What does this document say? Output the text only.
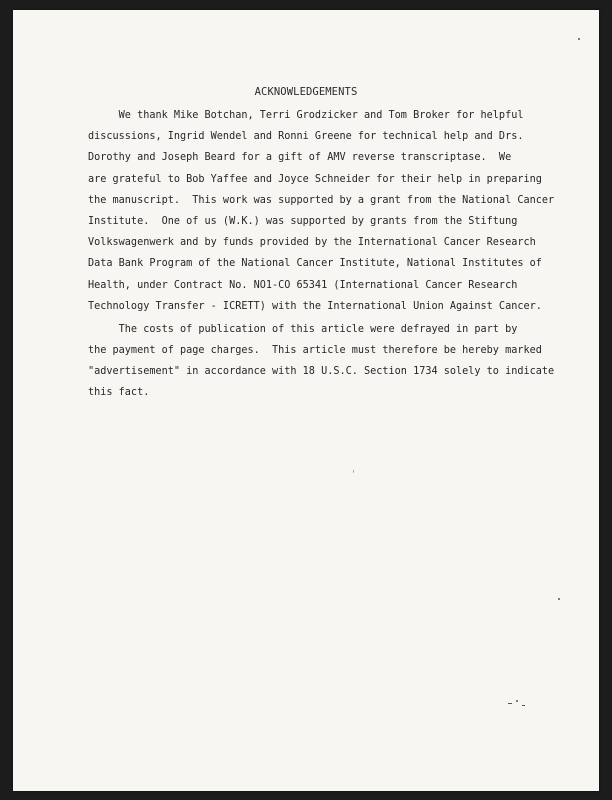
ACKNOWLEDGEMENTS
We thank Mike Botchan, Terri Grodzicker and Tom Broker for helpful
discussions, Ingrid Wendel and Ronni Greene for technical help and Drs.
Dorothy and Joseph Beard for a gift of AMV reverse transcriptase.  We
are grateful to Bob Yaffee and Joyce Schneider for their help in preparing
the manuscript.  This work was supported by a grant from the National Cancer
Institute.  One of us (W.K.) was supported by grants from the Stiftung
Volkswagenwerk and by funds provided by the International Cancer Research
Data Bank Program of the National Cancer Institute, National Institutes of
Health, under Contract No. NO1-CO 65341 (International Cancer Research
Technology Transfer - ICRETT) with the International Union Against Cancer.
The costs of publication of this article were defrayed in part by
the payment of page charges.  This article must therefore be hereby marked
"advertisement" in accordance with 18 U.S.C. Section 1734 solely to indicate
this fact.
